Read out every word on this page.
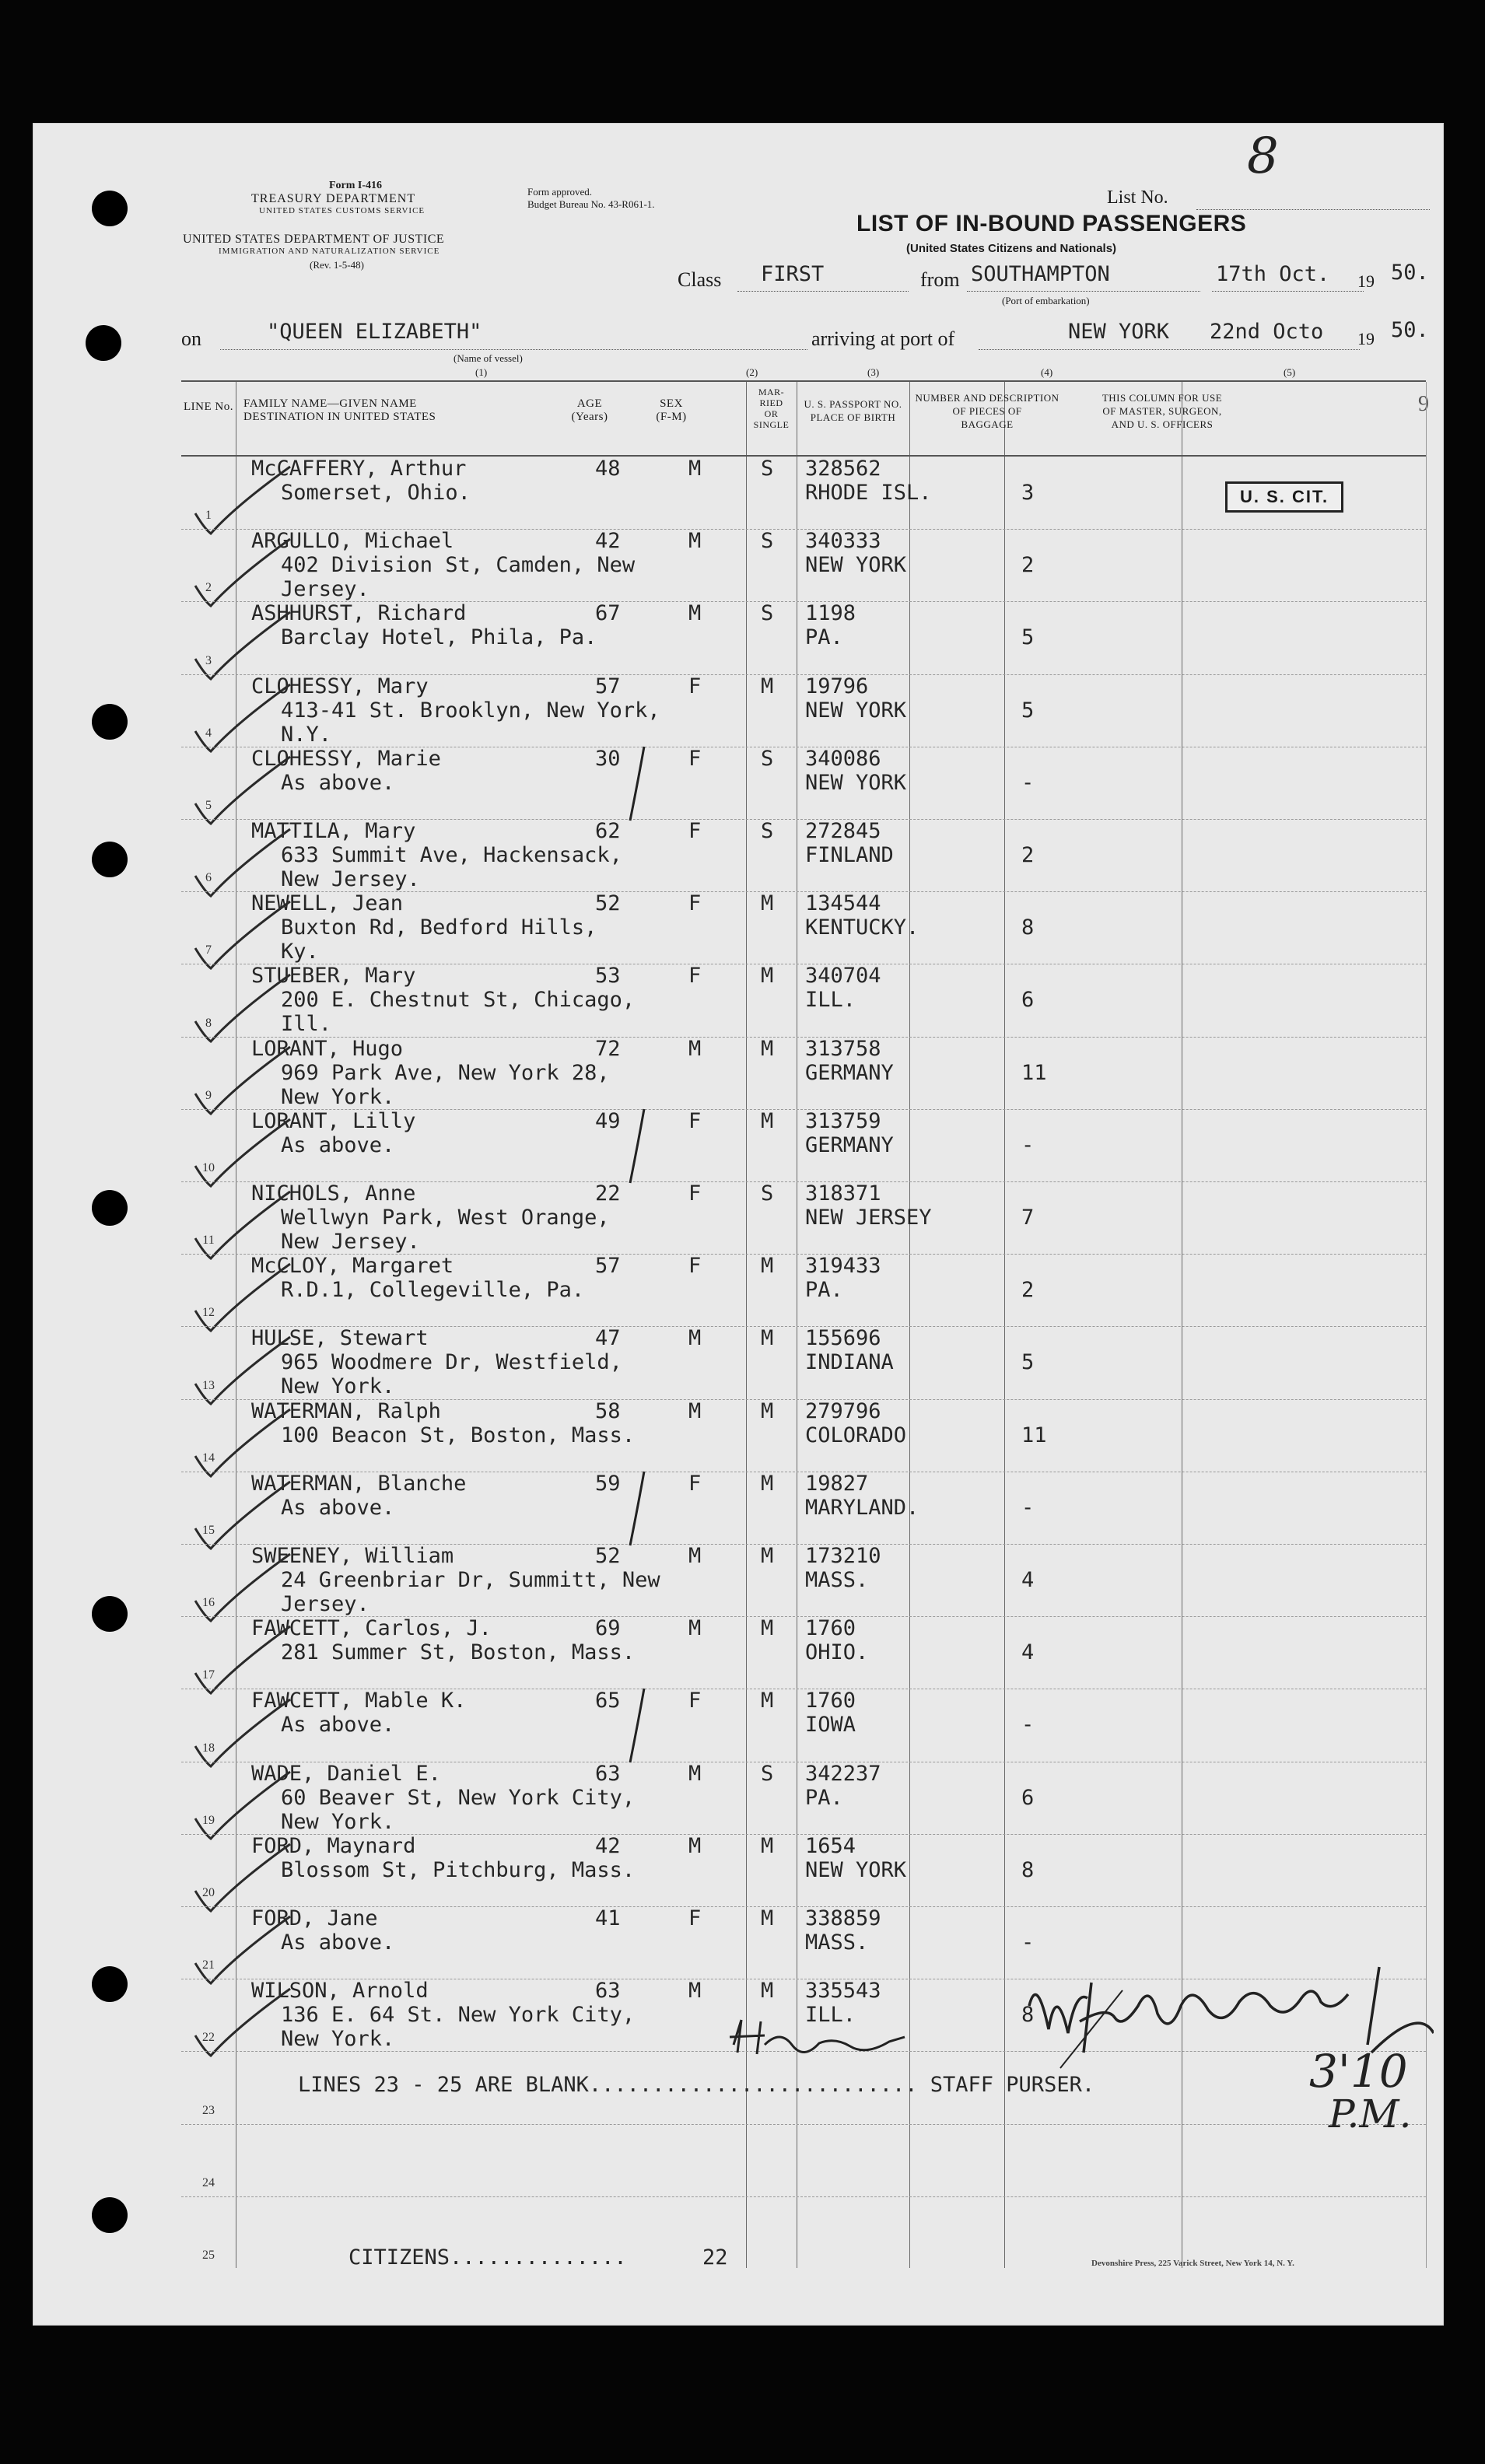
Form I-416
TREASURY DEPARTMENT
UNITED STATES CUSTOMS SERVICE
UNITED STATES DEPARTMENT OF JUSTICE
IMMIGRATION AND NATURALIZATION SERVICE
(Rev. 1-5-48)
Form approved.
Budget Bureau No. 43-R061-1.	List No.
8
LIST OF IN-BOUND PASSENGERS
(United States Citizens and Nationals)
Class FIRST	from SOUTHAMPTON
(Port of embarkation)
17th Oct. 19 50.
on	"QUEEN ELIZABETH"
(Name of vessel)
arriving at port of	NEW YORK 22nd Octo 19 50.
(1)	(2)	(3)	(4)	(5)
9
LINE No. FAMILY NAME—GIVEN NAME
DESTINATION IN UNITED STATES
AGE
(Years)
SEX
(F-M)
MAR-
RIED
OR
SINGLE
U. S. PASSPORT NO.
PLACE OF BIRTH
NUMBER AND DESCRIPTION
OF PIECES OF
BAGGAGE
THIS COLUMN FOR USE
OF MASTER, SURGEON,
AND U. S. OFFICERS
1
McCAFFERY, Arthur
Somerset, Ohio.
48	M	S 328562
RHODE ISL.	3
2
ARGULLO, Michael
402 Division St, Camden, New
Jersey.
42	M	S 340333
NEW YORK	2
3
ASHHURST, Richard
Barclay Hotel, Phila, Pa.
67	M	S 1198
PA.	5
4
CLOHESSY, Mary
413-41 St. Brooklyn, New York,
N.Y.
57	F	M 19796
NEW YORK	5
5
CLOHESSY, Marie
As above.
30	F	S 340086
NEW YORK	-
6
MATTILA, Mary
633 Summit Ave, Hackensack,
New Jersey.
62	F	S 272845
FINLAND	2
7
NEWELL, Jean
Buxton Rd, Bedford Hills,
Ky.
52	F	M 134544
KENTUCKY.	8
8
STUEBER, Mary
200 E. Chestnut St, Chicago,
Ill.
53	F	M 340704
ILL.	6
9
LORANT, Hugo
969 Park Ave, New York 28,
New York.
72	M	M 313758
GERMANY	11
10
LORANT, Lilly
As above.
49	F	M 313759
GERMANY	-
11
NICHOLS, Anne
Wellwyn Park, West Orange,
New Jersey.
22	F	S 318371
NEW JERSEY	7
12
McCLOY, Margaret
R.D.1, Collegeville, Pa.
57	F	M 319433
PA.	2
13
HULSE, Stewart
965 Woodmere Dr, Westfield,
New York.
47	M	M 155696
INDIANA	5
14
WATERMAN, Ralph
100 Beacon St, Boston, Mass.
58	M	M 279796
COLORADO	11
15
WATERMAN, Blanche
As above.
59	F	M 19827
MARYLAND.	-
16
SWEENEY, William
24 Greenbriar Dr, Summitt, New
Jersey.
52	M	M 173210
MASS.	4
17
FAWCETT, Carlos, J.
281 Summer St, Boston, Mass.
69	M	M 1760
OHIO.	4
18
FAWCETT, Mable K.
As above.
65	F	M 1760
IOWA	-
19
WADE, Daniel E.
60 Beaver St, New York City,
New York.
63	M	S 342237
PA.	6
20
FORD, Maynard
Blossom St, Pitchburg, Mass.
42	M	M 1654
NEW YORK	8
21
FORD, Jane
As above.
41	F	M 338859
MASS.	-
22
WILSON, Arnold
136 E. 64 St. New York City,
New York.
63	M	M 335543
ILL.	8
23
24
25
LINES 23 - 25 ARE BLANK.......................... STAFF PURSER.
U. S. CIT.
3'10
P.M.
CITIZENS..............	22	Devonshire Press, 225 Varick Street, New York 14, N. Y.
